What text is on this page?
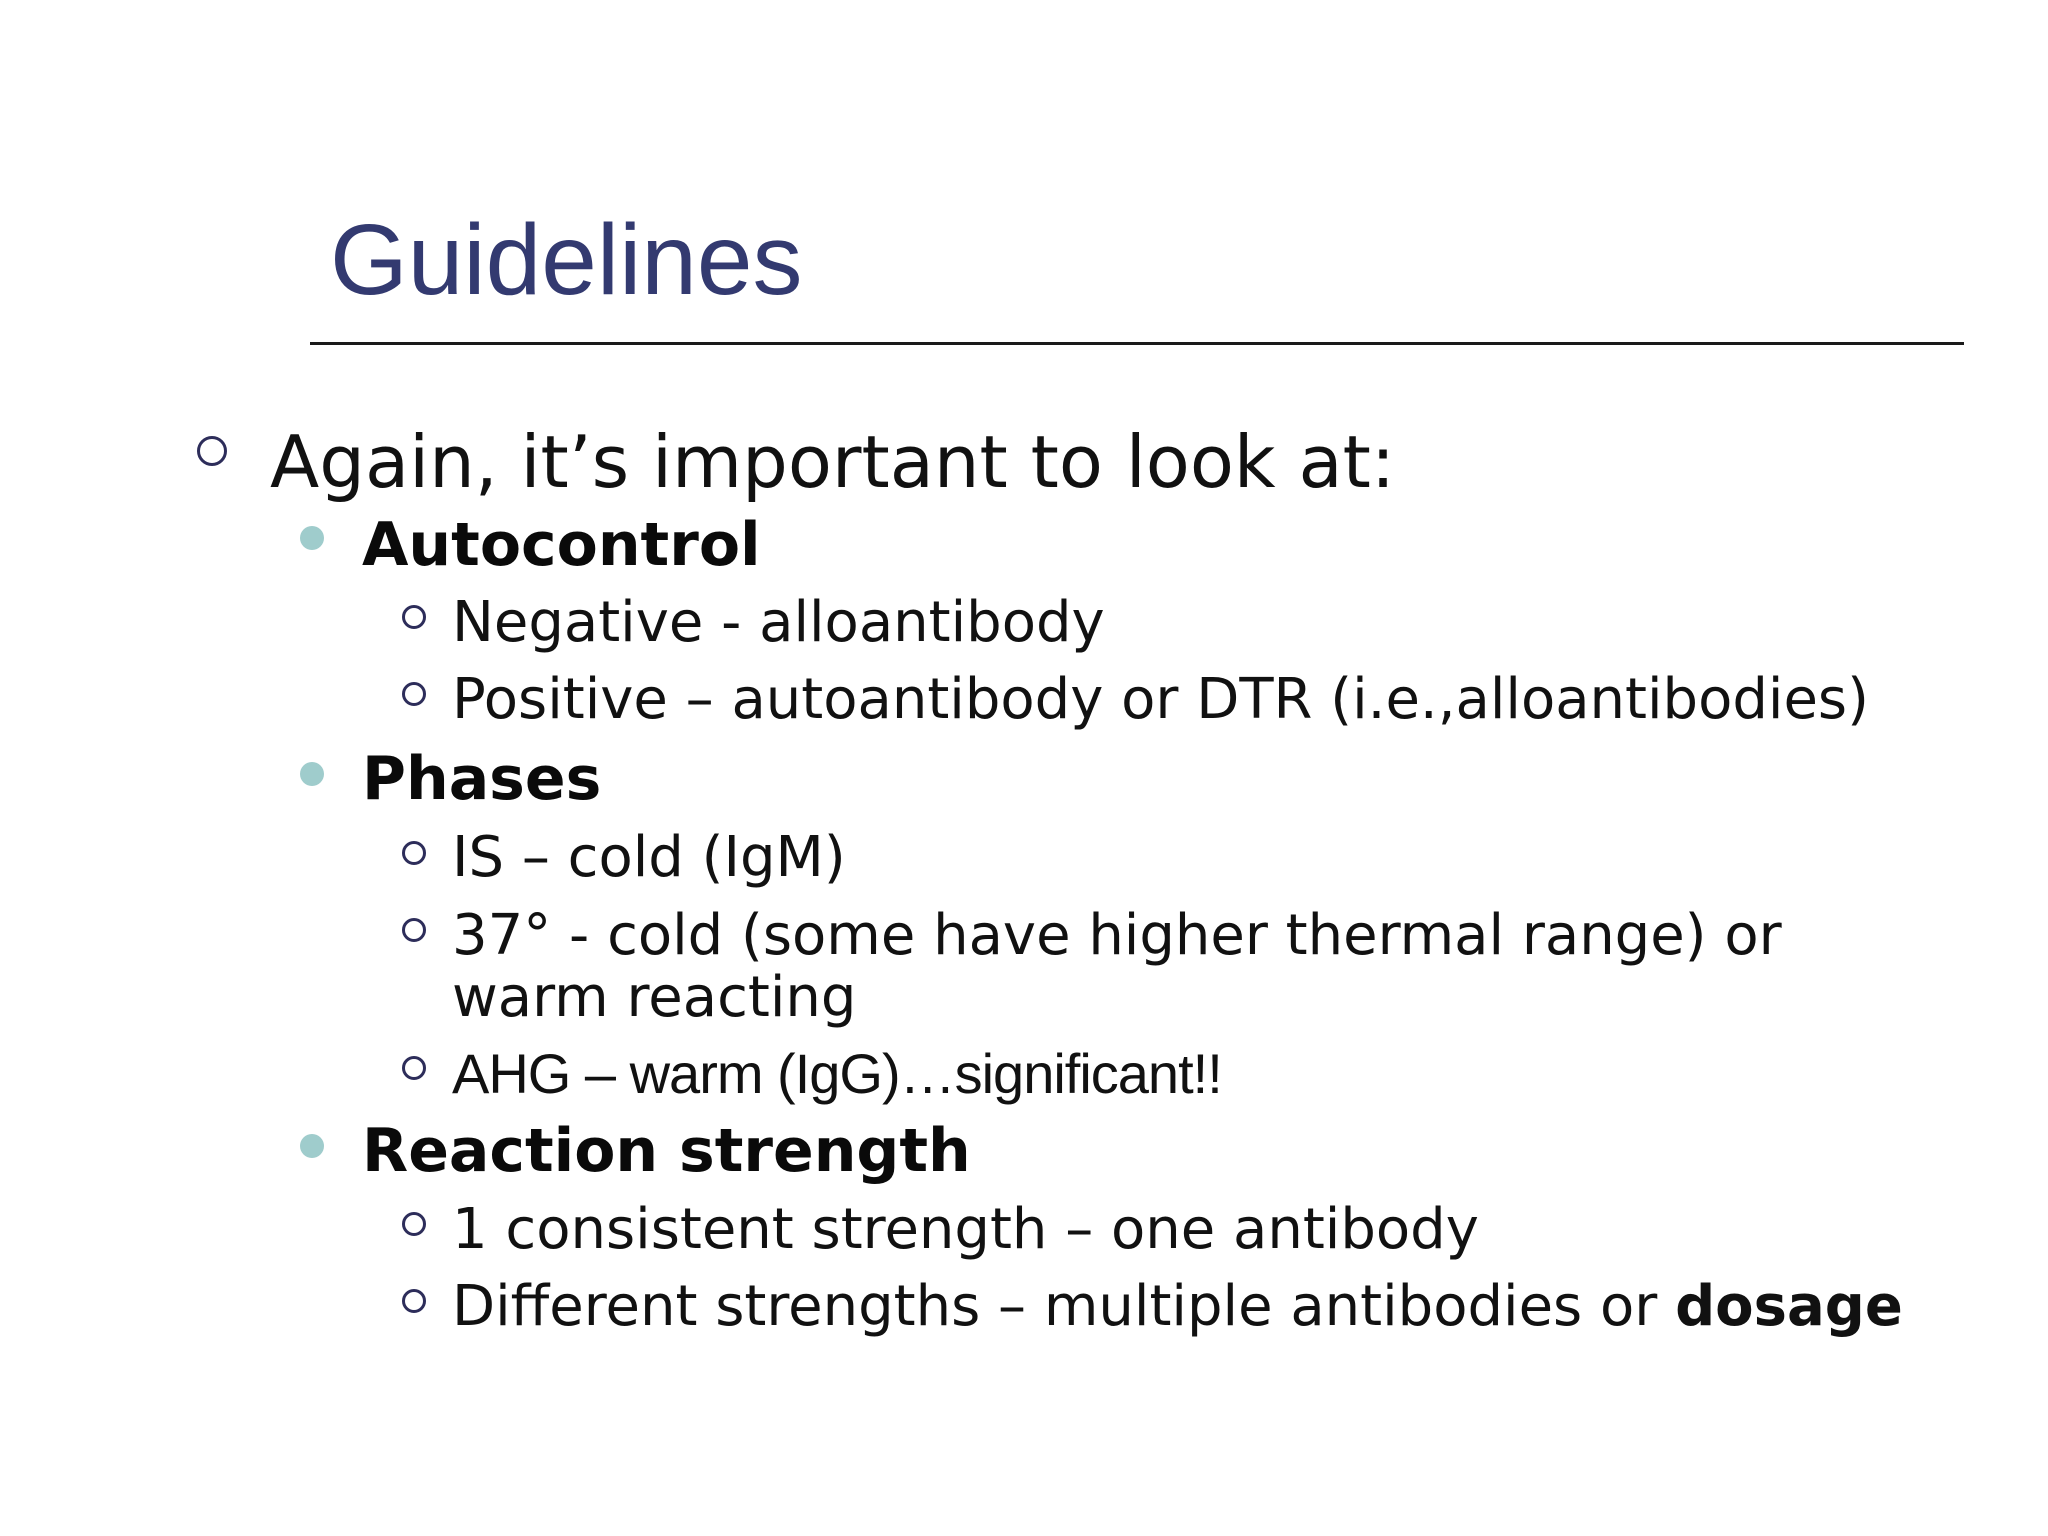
Guidelines
Again, it’s important to look at:
Autocontrol
Negative - alloantibody
Positive – autoantibody or DTR (i.e.,alloantibodies)
Phases
IS – cold (IgM)
37° - cold (some have higher thermal range) or
warm reacting
AHG – warm (IgG)…significant!!
Reaction strength
1 consistent strength – one antibody
Different strengths – multiple antibodies or dosage
